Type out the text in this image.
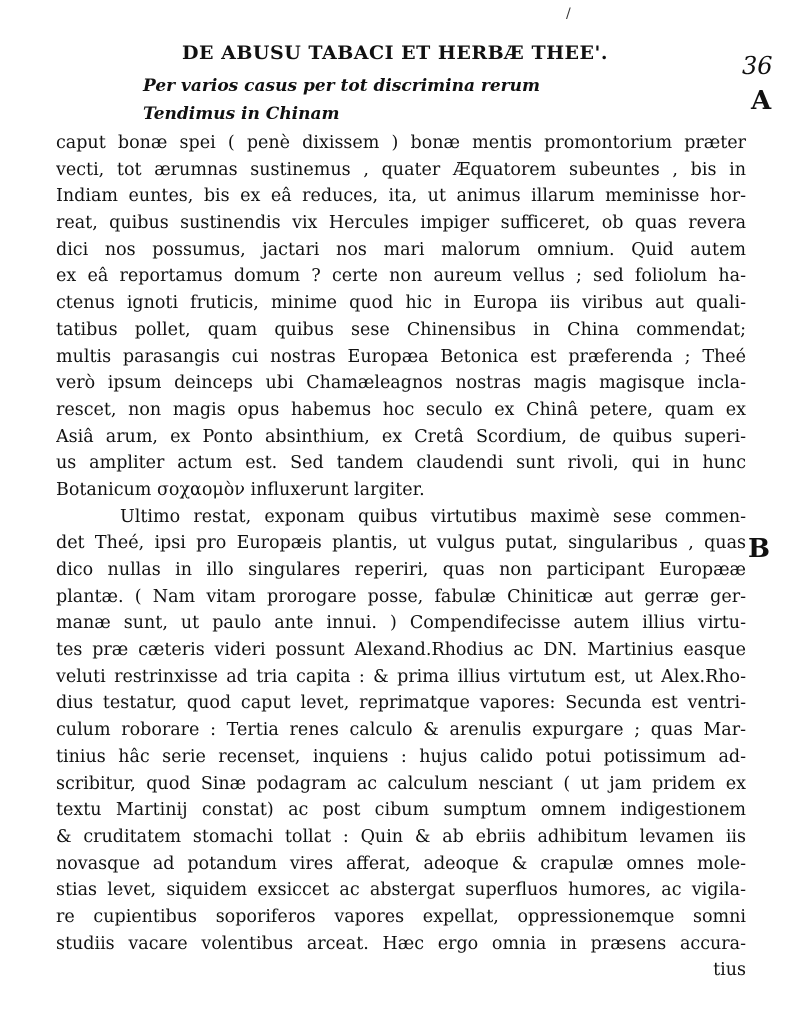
/
DE ABUSU TABACI ET HERBÆ THEE'.	36
A
B
Per varios casus per tot discrimina rerum
Tendimus in Chinam
caput bonæ spei ( penè dixissem ) bonæ mentis promontorium præter
vecti, tot ærumnas sustinemus , quater Æquatorem subeuntes , bis in
Indiam euntes, bis ex eâ reduces, ita, ut animus illarum meminisse hor-
reat, quibus sustinendis vix Hercules impiger sufficeret, ob quas revera
dici nos possumus, jactari nos mari malorum omnium. Quid autem
ex eâ reportamus domum ? certe non aureum vellus ; sed foliolum ha-
ctenus ignoti fruticis, minime quod hic in Europa iis viribus aut quali-
tatibus pollet, quam quibus sese Chinensibus in China commendat;
multis parasangis cui nostras Europæa Betonica est præferenda ; Theé
verò ipsum deinceps ubi Chamæleagnos nostras magis magisque incla-
rescet, non magis opus habemus hoc seculo ex Chinâ petere, quam ex
Asiâ arum, ex Ponto absinthium, ex Cretâ Scordium, de quibus superi-
us ampliter actum est. Sed tandem claudendi sunt rivoli, qui in hunc
Botanicum σοχαομὸν influxerunt largiter.
Ultimo restat, exponam quibus virtutibus maximè sese commen-
det Theé, ipsi pro Europæis plantis, ut vulgus putat, singularibus , quas
dico nullas in illo singulares reperiri, quas non participant Europææ
plantæ. ( Nam vitam prorogare posse, fabulæ Chiniticæ aut gerræ ger-
manæ sunt, ut paulo ante innui. ) Compendifecisse autem illius virtu-
tes præ cæteris videri possunt Alexand.Rhodius ac DN. Martinius easque
veluti restrinxisse ad tria capita : & prima illius virtutum est, ut Alex.Rho-
dius testatur, quod caput levet, reprimatque vapores: Secunda est ventri-
culum roborare : Tertia renes calculo & arenulis expurgare ; quas Mar-
tinius hâc serie recenset, inquiens : hujus calido potui potissimum ad-
scribitur, quod Sinæ podagram ac calculum nesciant ( ut jam pridem ex
textu Martinij constat) ac post cibum sumptum omnem indigestionem
& cruditatem stomachi tollat : Quin & ab ebriis adhibitum levamen iis
novasque ad potandum vires afferat, adeoque & crapulæ omnes mole-
stias levet, siquidem exsiccet ac abstergat superfluos humores, ac vigila-
re cupientibus soporiferos vapores expellat, oppressionemque somni
studiis vacare volentibus arceat. Hæc ergo omnia in præsens accura-
tius
